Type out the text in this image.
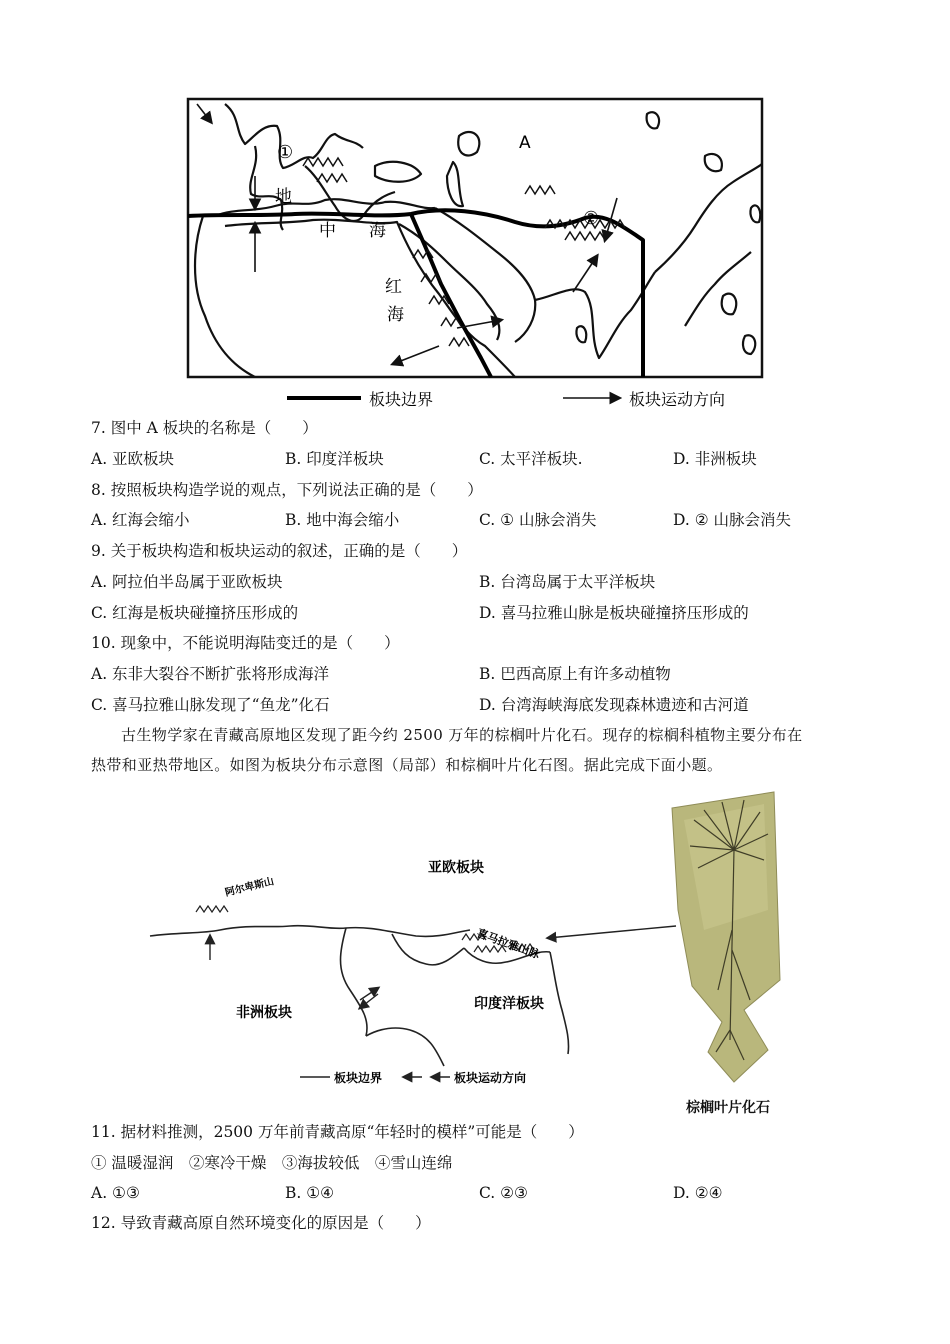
A
①
②
地
中 海
红
海
板块边界	板块运动方向
7. 图中 A 板块的名称是（　　）
A. 亚欧板块	B. 印度洋板块	C. 太平洋板块.	D. 非洲板块
8. 按照板块构造学说的观点，下列说法正确的是（　　）
A. 红海会缩小	B. 地中海会缩小	C. ① 山脉会消失	D. ② 山脉会消失
9. 关于板块构造和板块运动的叙述，正确的是（　　）
A. 阿拉伯半岛属于亚欧板块	B. 台湾岛属于太平洋板块
C. 红海是板块碰撞挤压形成的	D. 喜马拉雅山脉是板块碰撞挤压形成的
10. 现象中，不能说明海陆变迁的是（　　）
A. 东非大裂谷不断扩张将形成海洋	B. 巴西高原上有许多动植物
C. 喜马拉雅山脉发现了“鱼龙”化石	D. 台湾海峡海底发现森林遗迹和古河道
古生物学家在青藏高原地区发现了距今约 2500 万年的棕榈叶片化石。现存的棕榈科植物主要分布在
热带和亚热带地区。如图为板块分布示意图（局部）和棕榈叶片化石图。据此完成下面小题。
亚欧板块
非洲板块
印度洋板块
阿尔卑斯山
喜马拉雅山脉
板块边界	板块运动方向
棕榈叶片化石
11. 据材料推测，2500 万年前青藏高原“年轻时的模样”可能是（　　）
① 温暖湿润　②寒冷干燥　③海拔较低　④雪山连绵
A. ①③	B. ①④	C. ②③	D. ②④
12. 导致青藏高原自然环境变化的原因是（　　）
